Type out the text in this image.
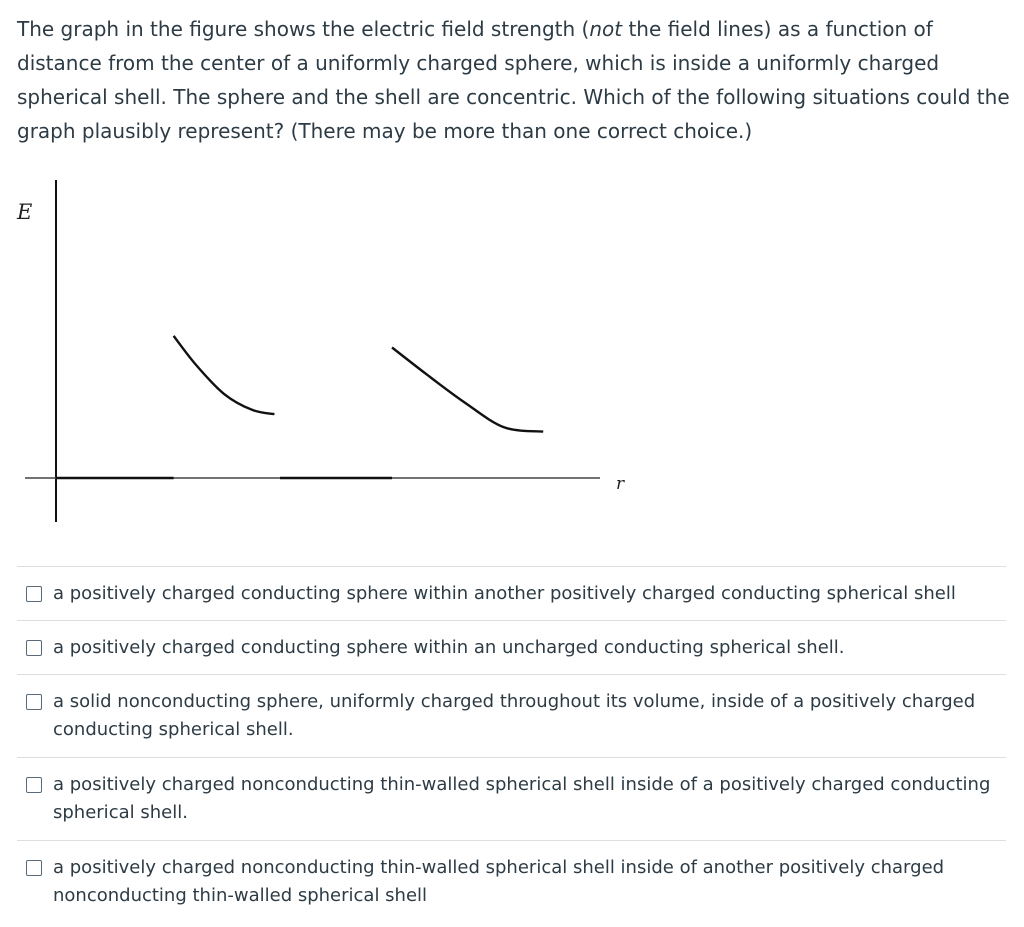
The graph in the figure shows the electric field strength (not the field lines) as a function of distance from the center of a uniformly charged sphere, which is inside a uniformly charged spherical shell. The sphere and the shell are concentric. Which of the following situations could the graph plausibly represent? (There may be more than one correct choice.)
E
r
a positively charged conducting sphere within another positively charged conducting spherical shell
a positively charged conducting sphere within an uncharged conducting spherical shell.
a solid nonconducting sphere, uniformly charged throughout its volume, inside of a positively charged conducting spherical shell.
a positively charged nonconducting thin-walled spherical shell inside of a positively charged conducting spherical shell.
a positively charged nonconducting thin-walled spherical shell inside of another positively charged nonconducting thin-walled spherical shell
